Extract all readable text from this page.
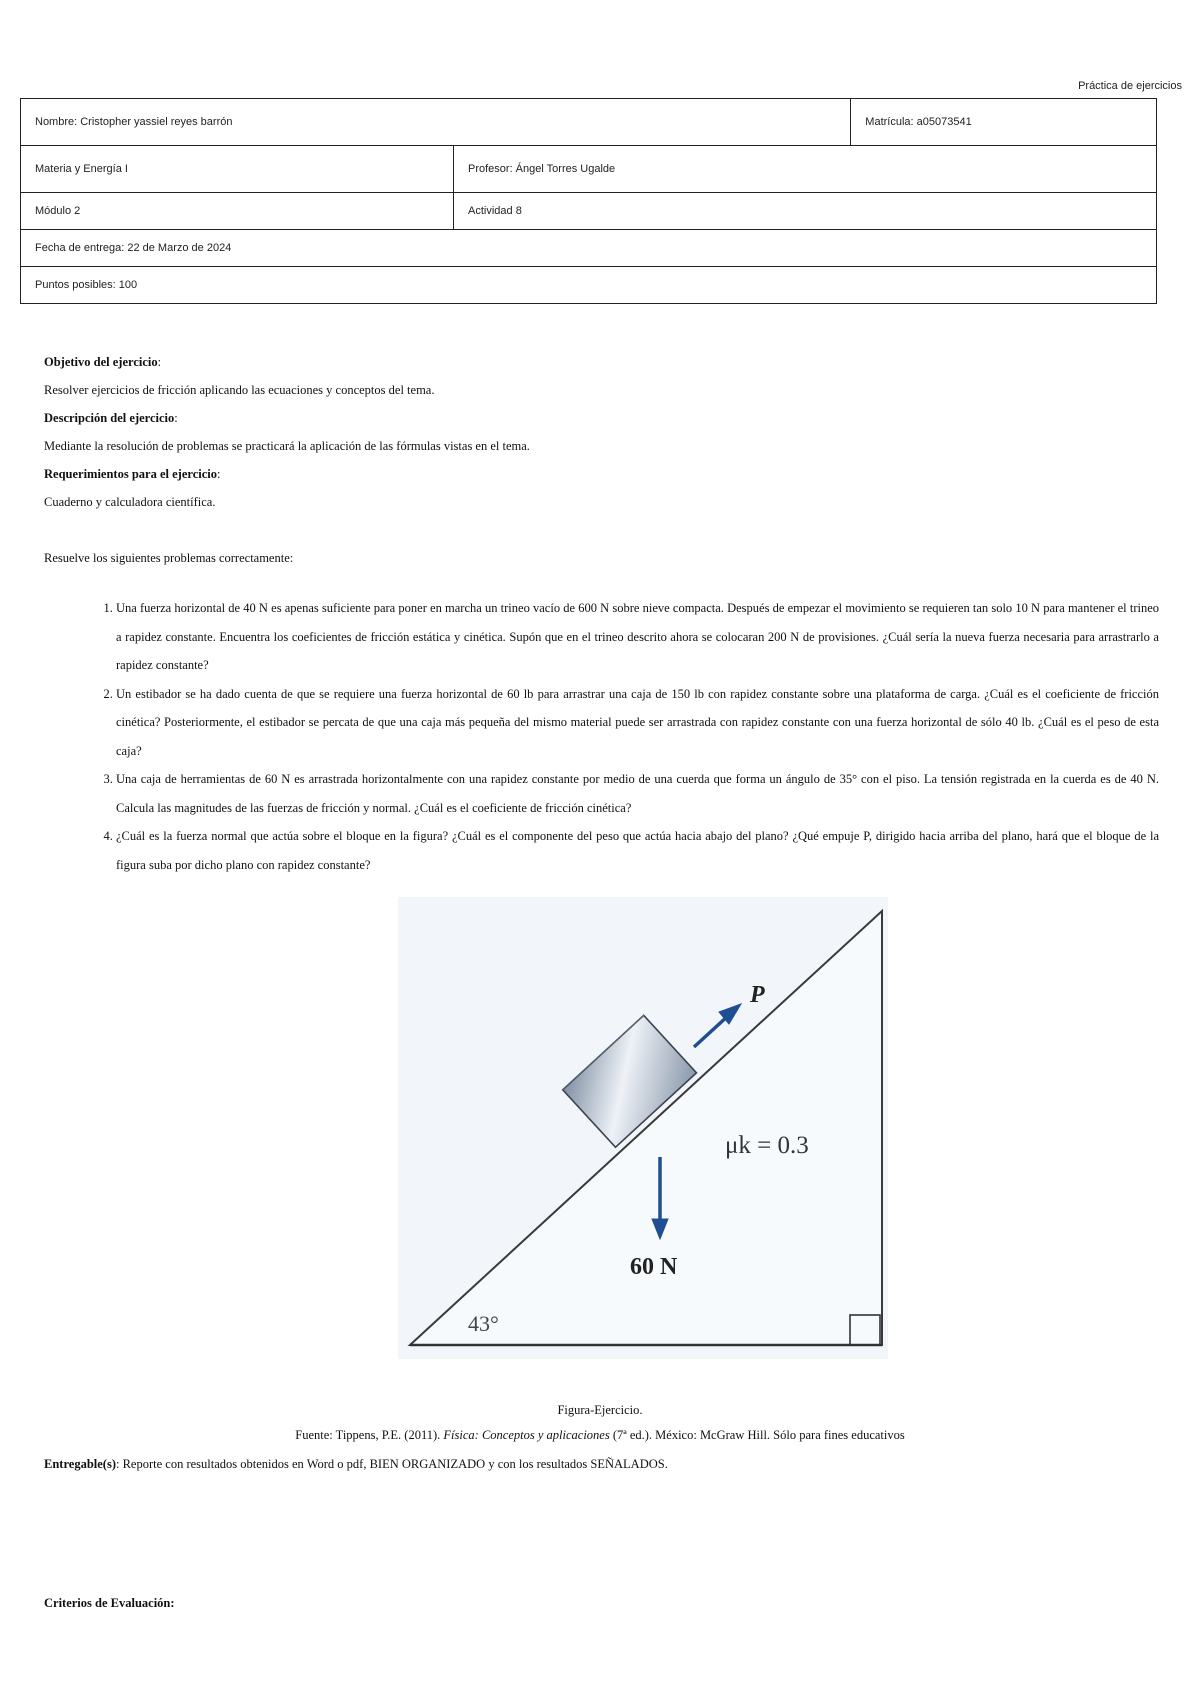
Práctica de ejercicios
Nombre: Cristopher yassiel reyes barrón		Matrícula: a05073541
Materia y Energía I	Profesor: Ángel Torres Ugalde	
Módulo 2	Actividad 8	
Fecha de entrega: 22 de Marzo de 2024		
Puntos posibles: 100		

Objetivo del ejercicio:

Resolver ejercicios de fricción aplicando las ecuaciones y conceptos del tema.

Descripción del ejercicio:

Mediante la resolución de problemas se practicará la aplicación de las fórmulas vistas en el tema.

Requerimientos para el ejercicio:

Cuaderno y calculadora científica.

Resuelve los siguientes problemas correctamente:

1. Una fuerza horizontal de 40 N es apenas suficiente para poner en marcha un trineo vacío de 600 N sobre nieve compacta. Después de empezar el movimiento se requieren tan solo 10 N para mantener el trineo a rapidez constante. Encuentra los coeficientes de fricción estática y cinética. Supón que en el trineo descrito ahora se colocaran 200 N de provisiones. ¿Cuál sería la nueva fuerza necesaria para arrastrarlo a rapidez constante?
2. Un estibador se ha dado cuenta de que se requiere una fuerza horizontal de 60 lb para arrastrar una caja de 150 lb con rapidez constante sobre una plataforma de carga. ¿Cuál es el coeficiente de fricción cinética? Posteriormente, el estibador se percata de que una caja más pequeña del mismo material puede ser arrastrada con rapidez constante con una fuerza horizontal de sólo 40 lb. ¿Cuál es el peso de esta caja?
3. Una caja de herramientas de 60 N es arrastrada horizontalmente con una rapidez constante por medio de una cuerda que forma un ángulo de 35° con el piso. La tensión registrada en la cuerda es de 40 N. Calcula las magnitudes de las fuerzas de fricción y normal. ¿Cuál es el coeficiente de fricción cinética?
4. ¿Cuál es la fuerza normal que actúa sobre el bloque en la figura? ¿Cuál es el componente del peso que actúa hacia abajo del plano? ¿Qué empuje P, dirigido hacia arriba del plano, hará que el bloque de la figura suba por dicho plano con rapidez constante?
P
μk = 0.3
60 N
43°
Figura-Ejercicio.
Fuente: Tippens, P.E. (2011). Física: Conceptos y aplicaciones (7ª ed.). México: McGraw Hill. Sólo para fines educativos
Entregable(s): Reporte con resultados obtenidos en Word o pdf, BIEN ORGANIZADO y con los resultados SEÑALADOS.
Criterios de Evaluación:
